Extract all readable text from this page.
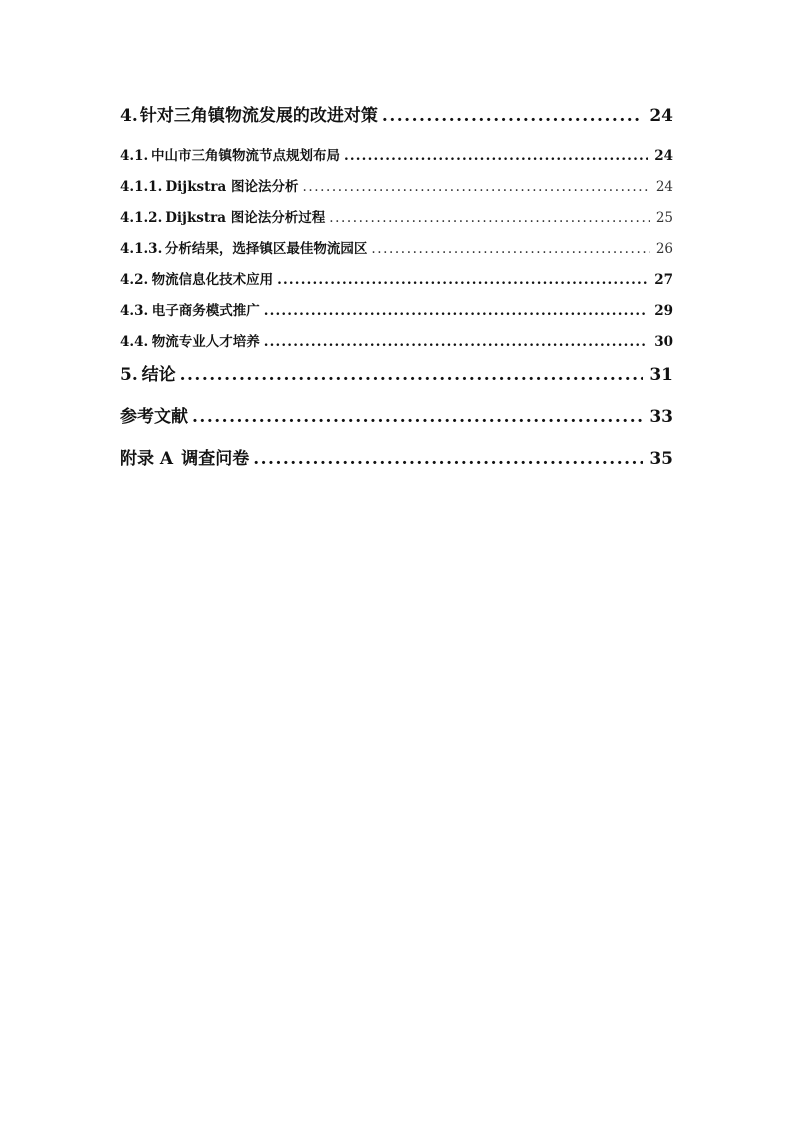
4. 针对三角镇物流发展的改进对策 .....	24
4.1. 中山市三角镇物流节点规划布局 .....	24
4.1.1. Dijkstra 图论法分析 .....	24
4.1.2. Dijkstra 图论法分析过程 .....	25
4.1.3. 分析结果，选择镇区最佳物流园区 .....	26
4.2. 物流信息化技术应用 .....	27
4.3. 电子商务模式推广 .....	29
4.4. 物流专业人才培养 .....	30
5. 结论 .....	31
参考文献 .....	33
附录 A 调查问卷 .....	35
